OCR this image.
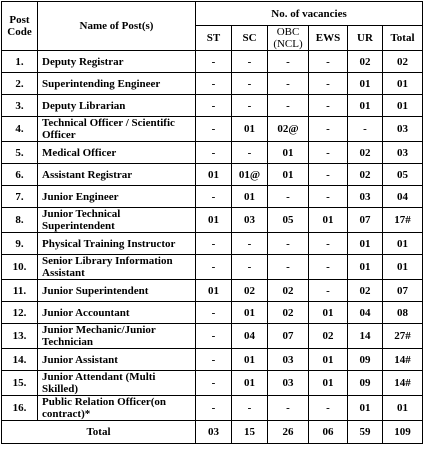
Post Code	Name of Post(s)	No. of vacancies					
		ST	SC	OBC (NCL)	EWS	UR	Total
1.	Deputy Registrar	-	-	-	-	02	02
2.	Superintending Engineer	-	-	-	-	01	01
3.	Deputy Librarian	-	-	-	-	01	01
4.	Technical Officer / Scientific Officer	-	01	02@	-	-	03
5.	Medical Officer	-	-	01	-	02	03
6.	Assistant Registrar	01	01@	01	-	02	05
7.	Junior Engineer	-	01	-	-	03	04
8.	Junior Technical Superintendent	01	03	05	01	07	17#
9.	Physical Training Instructor	-	-	-	-	01	01
10.	Senior Library Information Assistant	-	-	-	-	01	01
11.	Junior Superintendent	01	02	02	-	02	07
12.	Junior Accountant	-	01	02	01	04	08
13.	Junior Mechanic/Junior Technician	-	04	07	02	14	27#
14.	Junior Assistant	-	01	03	01	09	14#
15.	Junior Attendant (Multi Skilled)	-	01	03	01	09	14#
16.	Public Relation Officer(on contract)*	-	-	-	-	01	01
Total		03	15	26	06	59	109
